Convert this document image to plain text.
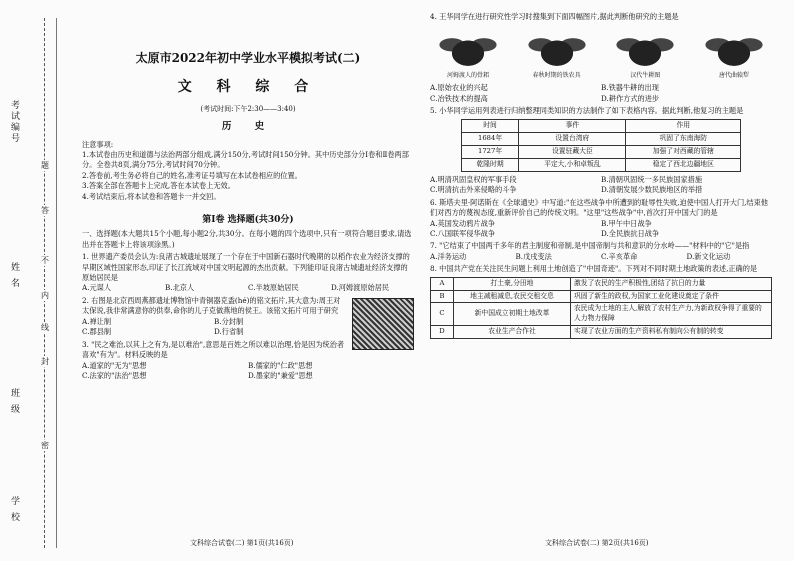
考试编号
姓 名
班 级
学 校
题
答
不
内
线
封
密
太原市2022年初中学业水平模拟考试(二)
文 科 综 合
(考试时间:下午2:30——3:40)
历 史
注意事项:
1.本试卷由历史和道德与法治两部分组成,满分150分,考试时间150分钟。其中历史部分分Ⅰ卷和Ⅱ卷两部分。全卷共8页,满分75分,考试时间70分钟。
2.答卷前,考生务必将自己的姓名,准考证号填写在本试卷相应的位置。
3.答案全部在答题卡上完成,答在本试卷上无效。
4.考试结束后,将本试卷和答题卡一并交回。
第Ⅰ卷 选择题(共30分)
一、选择题(本大题共15个小题,每小题2分,共30分。在每小题的四个选项中,只有一项符合题目要求,请选出并在答题卡上将该项涂黑。)
1. 世界遗产委员会认为:良渚古城遗址展现了一个存在于中国新石器时代晚期的以稻作农业为经济支撑的早期区域性国家形态,印证了长江流域对中国文明起源的杰出贡献。下列能印证良渚古城遗址经济支撑的原始居民是
A.元谋人	B.北京人	C.半坡原始居民	D.河姆渡原始居民
2. 右图是北京西周燕都遗址博物馆中青铜器克盉(hé)的铭文拓片,其大意为:周王对太保说,我非常满意你的供奉,命你的儿子克做燕地的侯王。该铭文拓片可用于研究
A.禅让制	B.分封制
C.郡县制	D.行省制
3. "民之难治,以其上之有为,是以难治",意思是百姓之所以难以治理,恰是因为统治者喜欢"有为"。材料反映的是
A.道家的"无为"思想	B.儒家的"仁政"思想
C.法家的"法治"思想	D.墨家的"兼爱"思想
文科综合试卷(二) 第1页(共16页)
4. 王华同学在进行研究性学习时搜集到下面四幅图片,据此判断他研究的主题是
河姆渡人的骨耜	春秋时期的铁农具	汉代牛耕图	唐代曲辕犁
A.原始农业的兴起	B.铁器牛耕的出现
C.冶铁技术的提高	D.耕作方式的进步
5. 小华同学运用列表进行归纳整理同类知识的方法制作了如下表格内容。据此判断,他复习的主题是
时间	事件	作用
1684年	设置台湾府	巩固了东南海防
1727年	设置驻藏大臣	加强了对西藏的管辖
乾隆时期	平定大,小和卓叛乱	稳定了西北边疆地区
A.明清巩固皇权的军事手段	B.清朝巩固统一多民族国家措施
C.明清抗击外来侵略的斗争	D.清朝发展少数民族地区的举措
6. 斯塔夫里·阿诺斯在《全球通史》中写道:"在这些战争中所遭到的耻辱性失败,迫使中国人打开大门,结束他们对西方的蔑视态度,重新评价自己的传统文明。"这里"这些战争"中,首次打开中国大门的是
A.英国发动鸦片战争	B.甲午中日战争
C.八国联军侵华战争	D.全民族抗日战争
7. "它结束了中国两千多年的君主制度和帝制,是中国帝制与共和意识的分水岭——"材料中的"它"是指
A.洋务运动	B.戊戌变法	C.辛亥革命	D.新文化运动
8. 中国共产党在关注民生问题上利用土地创造了"中国奇迹"。下列对不同时期土地政策的表述,正确的是
A	打土豪,分田地	激发了农民的生产积极性,团结了抗日的力量
B	地主减租减息,农民交租交息	巩固了新生的政权,为国家工业化建设奠定了条件
C	新中国成立初期土地改革	农民成为土地的主人,解放了农村生产力,为新政权争得了重要的人力物力保障
D	农业生产合作社	实现了农业方面的生产资料私有制向公有制的转变
文科综合试卷(二) 第2页(共16页)
